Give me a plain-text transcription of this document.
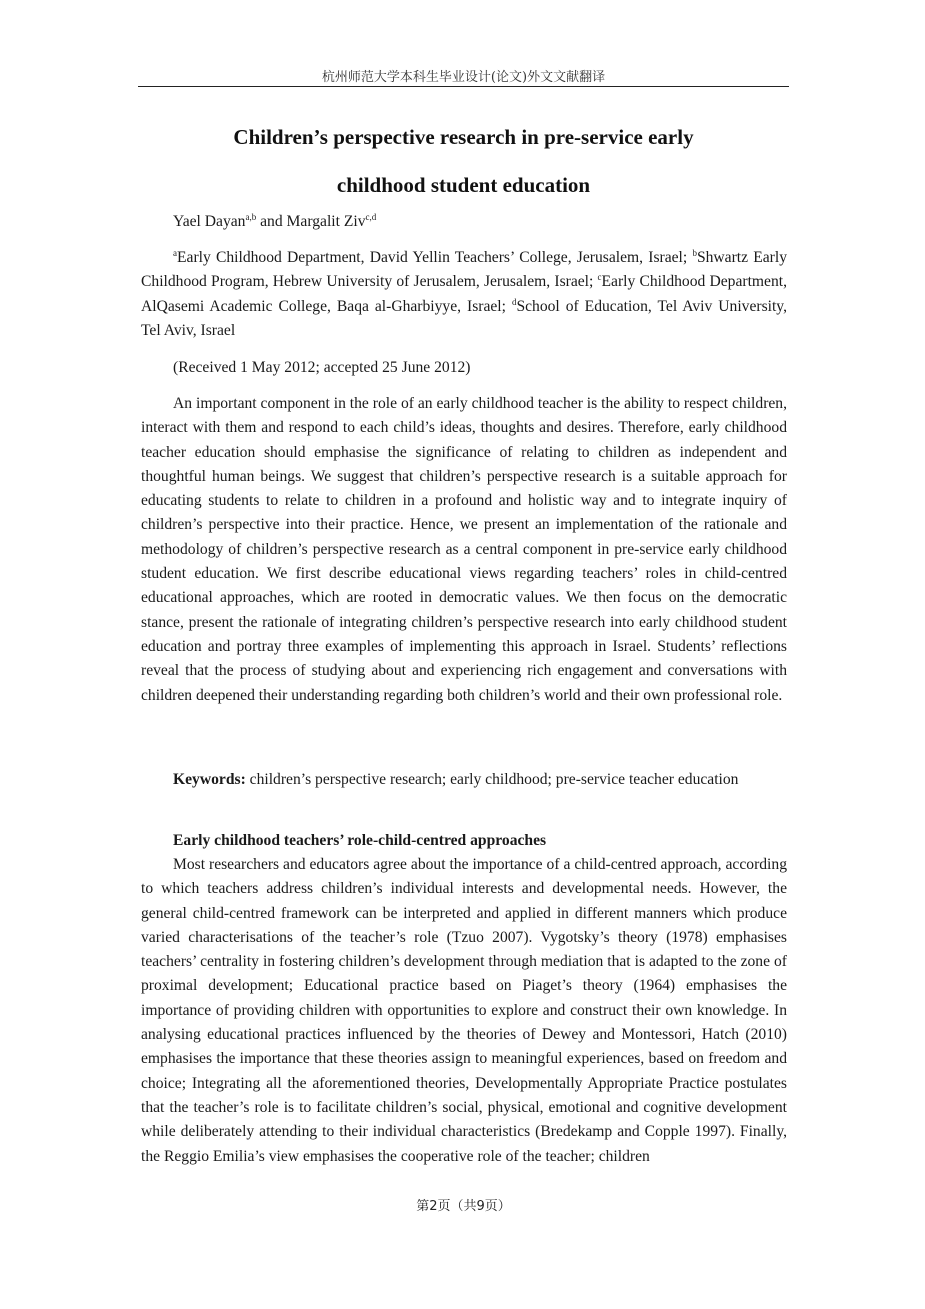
杭州师范大学本科生毕业设计(论文)外文文献翻译
Children’s perspective research in pre-service early
childhood student education

Yael Dayan$^{a,b}$ and Margalit Ziv$^{c,d}$

$^a$Early Childhood Department, David Yellin Teachers’ College, Jerusalem, Israel; $^b$Shwartz Early Childhood Program, Hebrew University of Jerusalem, Jerusalem, Israel; $^c$Early Childhood Department, AlQasemi Academic College, Baqa al-Gharbiyye, Israel; $^d$School of Education, Tel Aviv University, Tel Aviv, Israel

(Received 1 May 2012; accepted 25 June 2012)

An important component in the role of an early childhood teacher is the ability to respect children, interact with them and respond to each child’s ideas, thoughts and desires. Therefore, early childhood teacher education should emphasise the significance of relating to children as independent and thoughtful human beings. We suggest that children’s perspective research is a suitable approach for educating students to relate to children in a profound and holistic way and to integrate inquiry of children’s perspective into their practice. Hence, we present an implementation of the rationale and methodology of children’s perspective research as a central component in pre-service early childhood student education. We first describe educational views regarding teachers’ roles in child-centred educational approaches, which are rooted in democratic values. We then focus on the democratic stance, present the rationale of integrating children’s perspective research into early childhood student education and portray three examples of implementing this approach in Israel. Students’ reflections reveal that the process of studying about and experiencing rich engagement and conversations with children deepened their understanding regarding both children’s world and their own professional role.

Keywords: children’s perspective research; early childhood; pre-service teacher education

Early childhood teachers’ role-child-centred approaches

Most researchers and educators agree about the importance of a child-centred approach, according to which teachers address children’s individual interests and developmental needs. However, the general child-centred framework can be interpreted and applied in different manners which produce varied characterisations of the teacher’s role (Tzuo 2007). Vygotsky’s theory (1978) emphasises teachers’ centrality in fostering children’s development through mediation that is adapted to the zone of proximal development; Educational practice based on Piaget’s theory (1964) emphasises the importance of providing children with opportunities to explore and construct their own knowledge. In analysing educational practices influenced by the theories of Dewey and Montessori, Hatch (2010) emphasises the importance that these theories assign to meaningful experiences, based on freedom and choice; Integrating all the aforementioned theories, Developmentally Appropriate Practice postulates that the teacher’s role is to facilitate children’s social, physical, emotional and cognitive development while deliberately attending to their individual characteristics (Bredekamp and Copple 1997). Finally, the Reggio Emilia’s view emphasises the cooperative role of the teacher; children

第2页（共9页）
